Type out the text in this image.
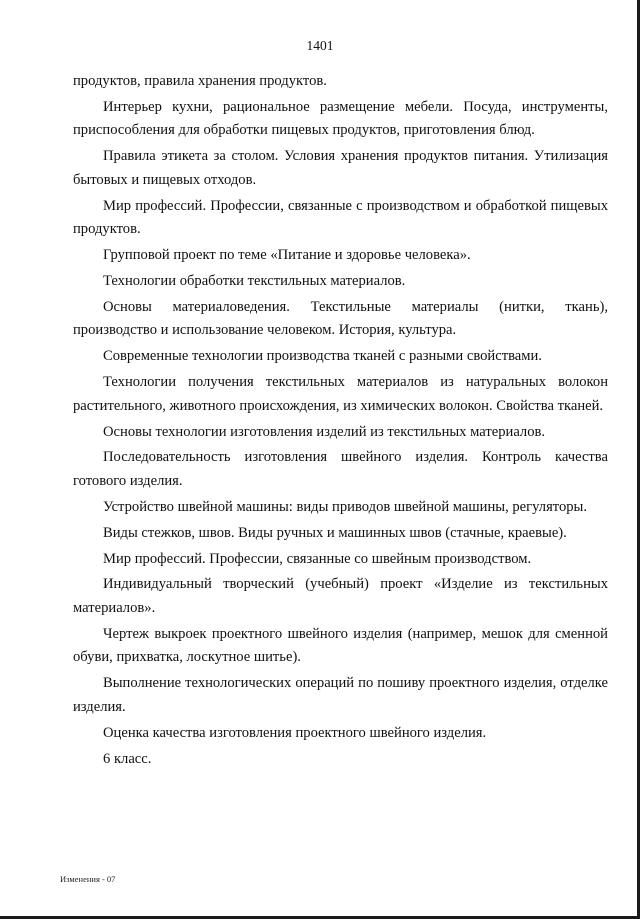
1401

продуктов, правила хранения продуктов.

Интерьер кухни, рациональное размещение мебели. Посуда, инструменты, приспособления для обработки пищевых продуктов, приготовления блюд.

Правила этикета за столом. Условия хранения продуктов питания. Утилизация бытовых и пищевых отходов.

Мир профессий. Профессии, связанные с производством и обработкой пищевых продуктов.

Групповой проект по теме «Питание и здоровье человека».

Технологии обработки текстильных материалов.

Основы материаловедения. Текстильные материалы (нитки, ткань), производство и использование человеком. История, культура.

Современные технологии производства тканей с разными свойствами.

Технологии получения текстильных материалов из натуральных волокон растительного, животного происхождения, из химических волокон. Свойства тканей.

Основы технологии изготовления изделий из текстильных материалов.

Последовательность изготовления швейного изделия. Контроль качества готового изделия.

Устройство швейной машины: виды приводов швейной машины, регуляторы.

Виды стежков, швов. Виды ручных и машинных швов (стачные, краевые).

Мир профессий. Профессии, связанные со швейным производством.

Индивидуальный творческий (учебный) проект «Изделие из текстильных материалов».

Чертеж выкроек проектного швейного изделия (например, мешок для сменной обуви, прихватка, лоскутное шитье).

Выполнение технологических операций по пошиву проектного изделия, отделке изделия.

Оценка качества изготовления проектного швейного изделия.

6 класс.

Изменения - 07
